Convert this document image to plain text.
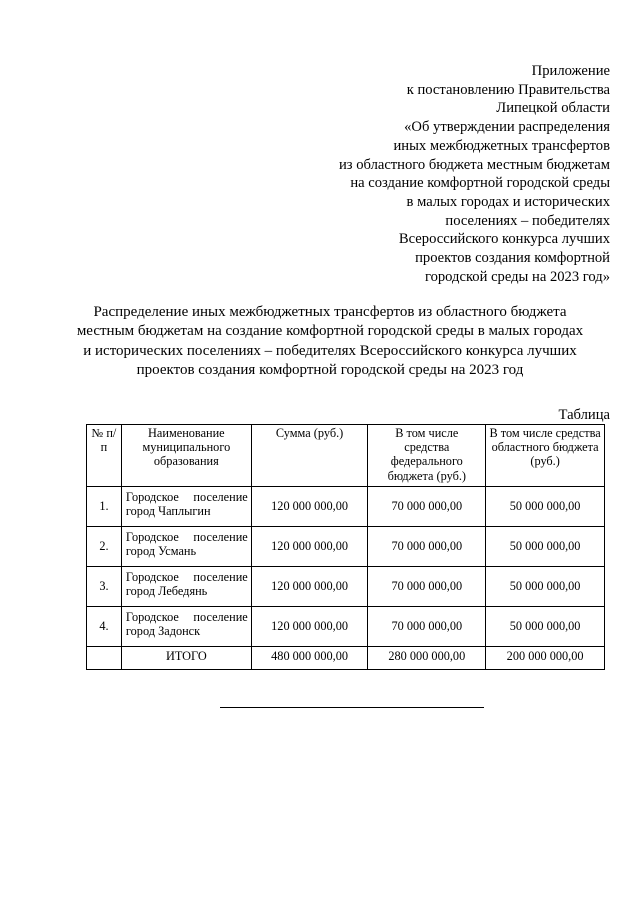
Приложение
к постановлению Правительства
Липецкой области
«Об утверждении распределения
иных межбюджетных трансфертов
из областного бюджета местным бюджетам
на создание комфортной городской среды
в малых городах и исторических
поселениях – победителях
Всероссийского конкурса лучших
проектов создания комфортной
городской среды на 2023 год»
Распределение иных межбюджетных трансфертов из областного бюджета
местным бюджетам на создание комфортной городской среды в малых городах
и исторических поселениях – победителях Всероссийского конкурса лучших
проектов создания комфортной городской среды на 2023 год
Таблица
№ п/п	Наименование муниципального образования	Сумма (руб.)	В том числе средства федерального бюджета (руб.)	В том числе средства областного бюджета (руб.)
1.	Городское поселение город Чаплыгин	120 000 000,00	70 000 000,00	50 000 000,00
2.	Городское поселение город Усмань	120 000 000,00	70 000 000,00	50 000 000,00
3.	Городское поселение город Лебедянь	120 000 000,00	70 000 000,00	50 000 000,00
4.	Городское поселение город Задонск	120 000 000,00	70 000 000,00	50 000 000,00
	ИТОГО	480 000 000,00	280 000 000,00	200 000 000,00
